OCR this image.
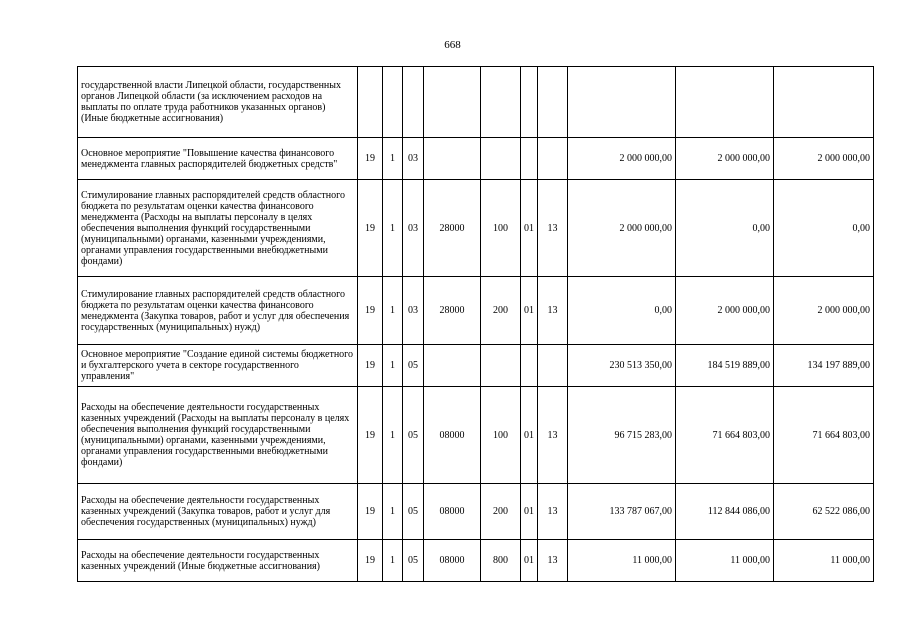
668
государственной власти Липецкой области, государственных органов Липецкой области (за исключением расходов на выплаты по оплате труда работников указанных органов) (Иные бюджетные ассигнования)										
Основное мероприятие "Повышение качества финансового менеджмента главных распорядителей бюджетных средств"	19	1	03					2 000 000,00	2 000 000,00	2 000 000,00
Стимулирование главных распорядителей средств областного бюджета по результатам оценки качества финансового менеджмента (Расходы на выплаты персоналу в целях обеспечения выполнения функций государственными (муниципальными) органами, казенными учреждениями, органами управления государственными внебюджетными фондами)	19	1	03	28000	100	01	13	2 000 000,00	0,00	0,00
Стимулирование главных распорядителей средств областного бюджета по результатам оценки качества финансового менеджмента (Закупка товаров, работ и услуг для обеспечения государственных (муниципальных) нужд)	19	1	03	28000	200	01	13	0,00	2 000 000,00	2 000 000,00
Основное мероприятие "Создание единой системы бюджетного и бухгалтерского учета в секторе государственного управления"	19	1	05					230 513 350,00	184 519 889,00	134 197 889,00
Расходы на обеспечение деятельности государственных казенных учреждений (Расходы на выплаты персоналу в целях обеспечения выполнения функций государственными (муниципальными) органами, казенными учреждениями, органами управления государственными внебюджетными фондами)	19	1	05	08000	100	01	13	96 715 283,00	71 664 803,00	71 664 803,00
Расходы на обеспечение деятельности государственных казенных учреждений (Закупка товаров, работ и услуг для обеспечения государственных (муниципальных) нужд)	19	1	05	08000	200	01	13	133 787 067,00	112 844 086,00	62 522 086,00
Расходы на обеспечение деятельности государственных казенных учреждений (Иные бюджетные ассигнования)	19	1	05	08000	800	01	13	11 000,00	11 000,00	11 000,00
